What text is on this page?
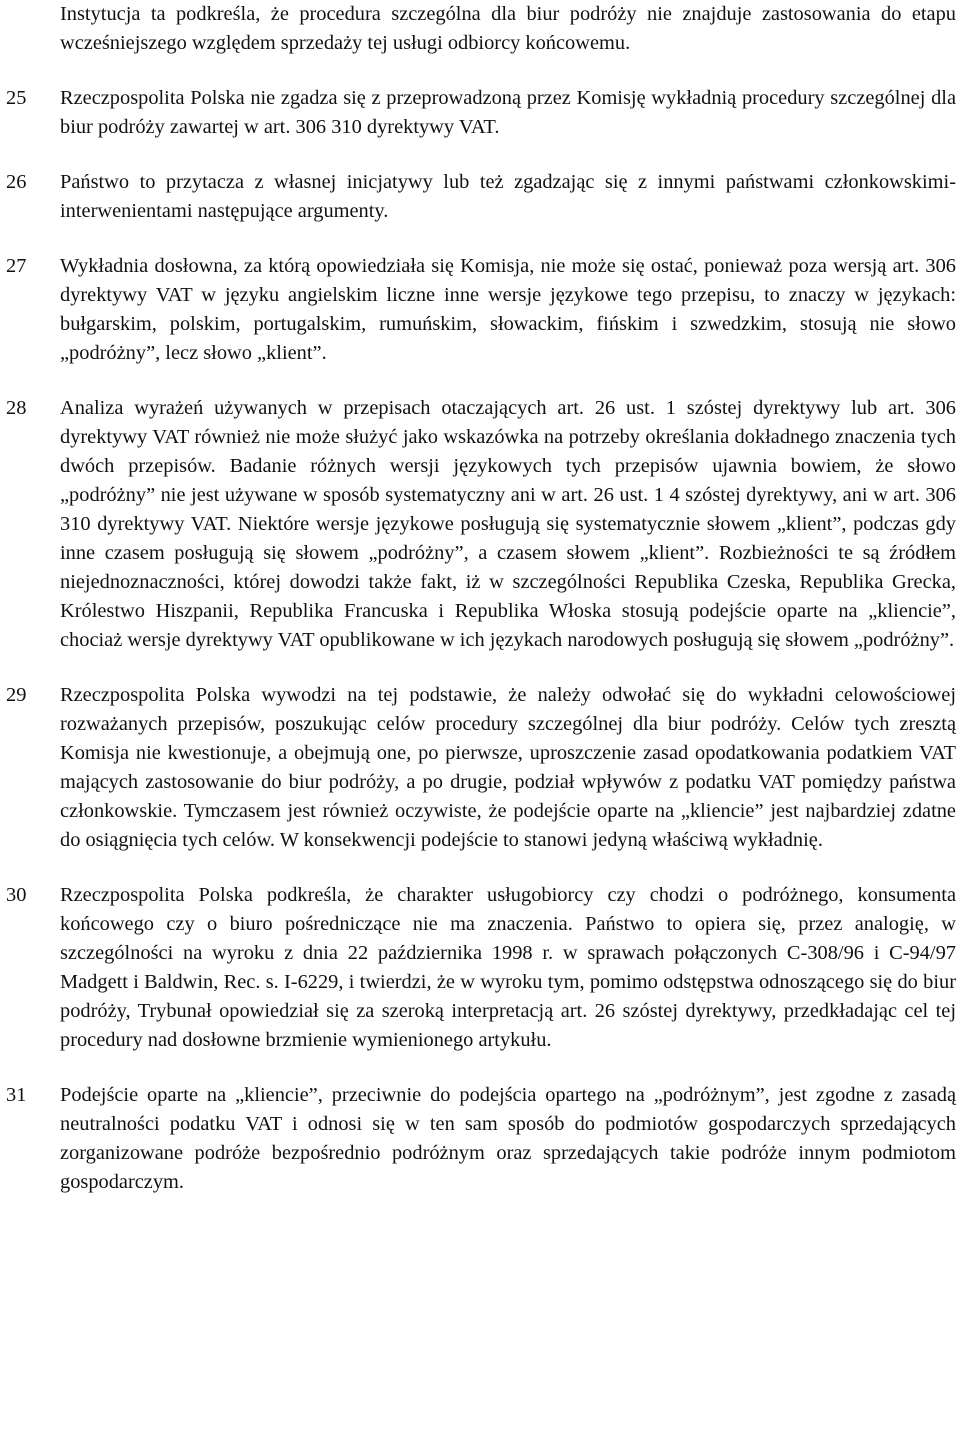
Instytucja ta podkreśla, że procedura szczególna dla biur podróży nie znajduje zastosowania do etapu wcześniejszego względem sprzedaży tej usługi odbiorcy końcowemu.

25 Rzeczpospolita Polska nie zgadza się z przeprowadzoną przez Komisję wykładnią procedury szczególnej dla biur podróży zawartej w art. 306 310 dyrektywy VAT.

26 Państwo to przytacza z własnej inicjatywy lub też zgadzając się z innymi państwami członkowskimi-interwenientami następujące argumenty.

27 Wykładnia dosłowna, za którą opowiedziała się Komisja, nie może się ostać, ponieważ poza wersją art. 306 dyrektywy VAT w języku angielskim liczne inne wersje językowe tego przepisu, to znaczy w językach: bułgarskim, polskim, portugalskim, rumuńskim, słowackim, fińskim i szwedzkim, stosują nie słowo „podróżny”, lecz słowo „klient”.

28 Analiza wyrażeń używanych w przepisach otaczających art. 26 ust. 1 szóstej dyrektywy lub art. 306 dyrektywy VAT również nie może służyć jako wskazówka na potrzeby określania dokładnego znaczenia tych dwóch przepisów. Badanie różnych wersji językowych tych przepisów ujawnia bowiem, że słowo „podróżny” nie jest używane w sposób systematyczny ani w art. 26 ust. 1 4 szóstej dyrektywy, ani w art. 306 310 dyrektywy VAT. Niektóre wersje językowe posługują się systematycznie słowem „klient”, podczas gdy inne czasem posługują się słowem „podróżny”, a czasem słowem „klient”. Rozbieżności te są źródłem niejednoznaczności, której dowodzi także fakt, iż w szczególności Republika Czeska, Republika Grecka, Królestwo Hiszpanii, Republika Francuska i Republika Włoska stosują podejście oparte na „kliencie”, chociaż wersje dyrektywy VAT opublikowane w ich językach narodowych posługują się słowem „podróżny”.

29 Rzeczpospolita Polska wywodzi na tej podstawie, że należy odwołać się do wykładni celowościowej rozważanych przepisów, poszukując celów procedury szczególnej dla biur podróży. Celów tych zresztą Komisja nie kwestionuje, a obejmują one, po pierwsze, uproszczenie zasad opodatkowania podatkiem VAT mających zastosowanie do biur podróży, a po drugie, podział wpływów z podatku VAT pomiędzy państwa członkowskie. Tymczasem jest również oczywiste, że podejście oparte na „kliencie” jest najbardziej zdatne do osiągnięcia tych celów. W konsekwencji podejście to stanowi jedyną właściwą wykładnię.

30 Rzeczpospolita Polska podkreśla, że charakter usługobiorcy czy chodzi o podróżnego, konsumenta końcowego czy o biuro pośredniczące nie ma znaczenia. Państwo to opiera się, przez analogię, w szczególności na wyroku z dnia 22 października 1998 r. w sprawach połączonych C-308/96 i C-94/97 Madgett i Baldwin, Rec. s. I-6229, i twierdzi, że w wyroku tym, pomimo odstępstwa odnoszącego się do biur podróży, Trybunał opowiedział się za szeroką interpretacją art. 26 szóstej dyrektywy, przedkładając cel tej procedury nad dosłowne brzmienie wymienionego artykułu.

31 Podejście oparte na „kliencie”, przeciwnie do podejścia opartego na „podróżnym”, jest zgodne z zasadą neutralności podatku VAT i odnosi się w ten sam sposób do podmiotów gospodarczych sprzedających zorganizowane podróże bezpośrednio podróżnym oraz sprzedających takie podróże innym podmiotom gospodarczym.
